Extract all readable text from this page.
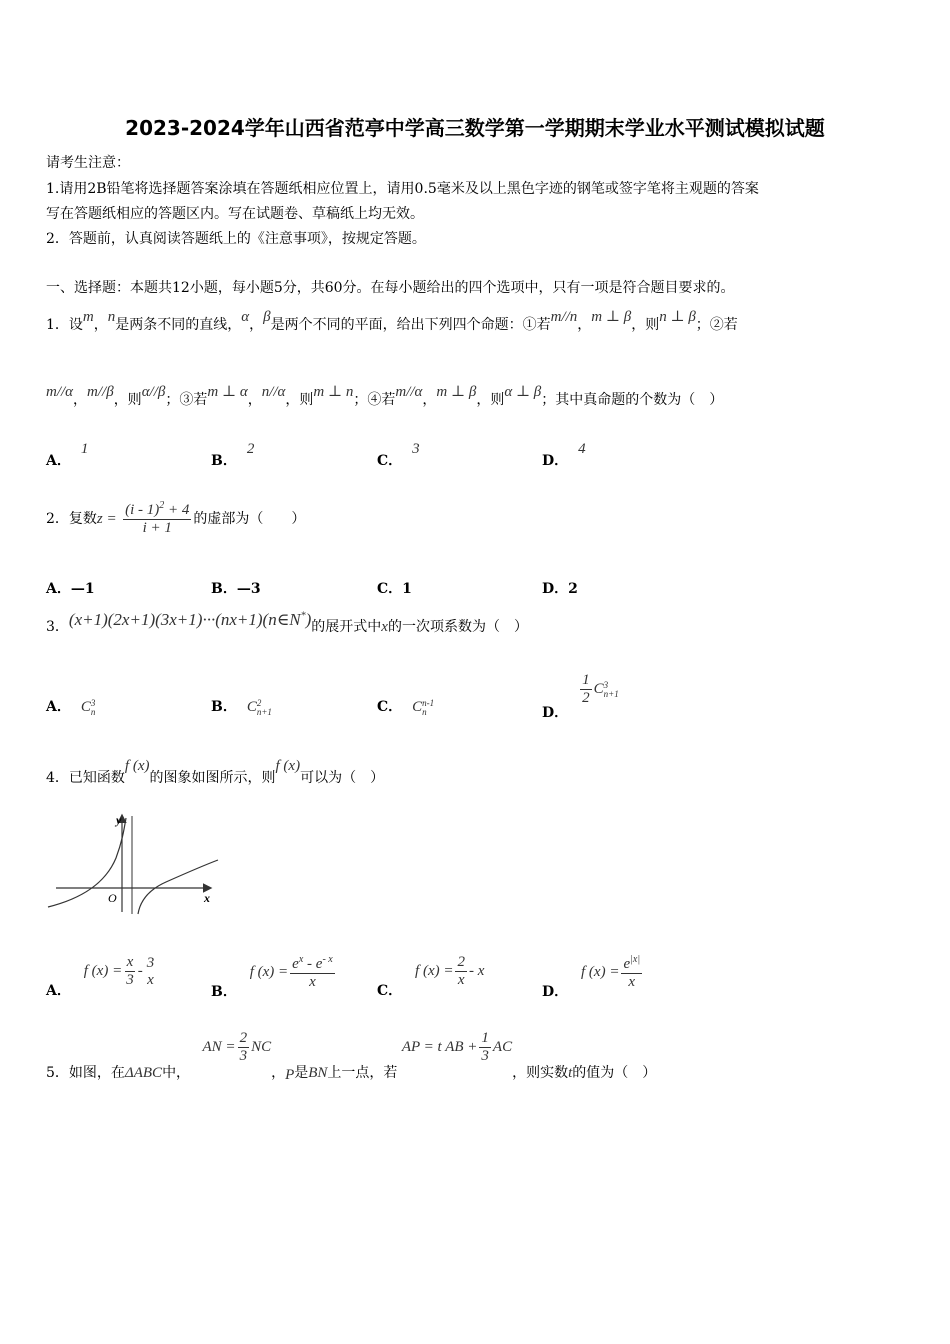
2023-2024学年山西省范亭中学高三数学第一学期期末学业水平测试模拟试题
请考生注意：
1.请用2B铅笔将选择题答案涂填在答题纸相应位置上，请用0.5毫米及以上黑色字迹的钢笔或签字笔将主观题的答案
写在答题纸相应的答题区内。写在试题卷、草稿纸上均无效。
2．答题前，认真阅读答题纸上的《注意事项》，按规定答题。
一、选择题：本题共12小题，每小题5分，共60分。在每小题给出的四个选项中，只有一项是符合题目要求的。
1．设m，n是两条不同的直线，α，β是两个不同的平面，给出下列四个命题：①若m//n，m ⊥ β，则n ⊥ β；②若
m//α，m//β，则α//β；③若m ⊥ α，n//α，则m ⊥ n；④若m//α，m ⊥ β，则α ⊥ β；其中真命题的个数为（　）
A．1
B．2
C．3
D．4
2．复数$z = \frac{(i - 1)^2 + 4}{i + 1}$ 的虚部为（　　）
A．—1	B．—3	C．1	D．2
3．(x+1)(2x+1)(3x+1)···(nx+1)(n∈N*)的展开式中x的一次项系数为（　）
A． C 3
n	B． C 2
n+1	C． C n-1
n	D．
$\frac{1}{2}$ C 3
n+1
4．已知函数f (x)的图象如图所示，则f (x)可以为（　）
y
x
O
A． f $(x) = \frac{x}{3}$ -
3
x
B． f $(x) = \frac{e^x - e^{- x}}{x}$	C． f $(x) = \frac{2}{x} - x$
D． f $(x) = \frac{e^{|x|}}{x}$
5．如图，在ΔABC中， AN = $\frac{2}{3}$ NC，P是BN上一点，若 AP = t AB + $\frac{1}{3}$ AC，则实数t的值为（　）
